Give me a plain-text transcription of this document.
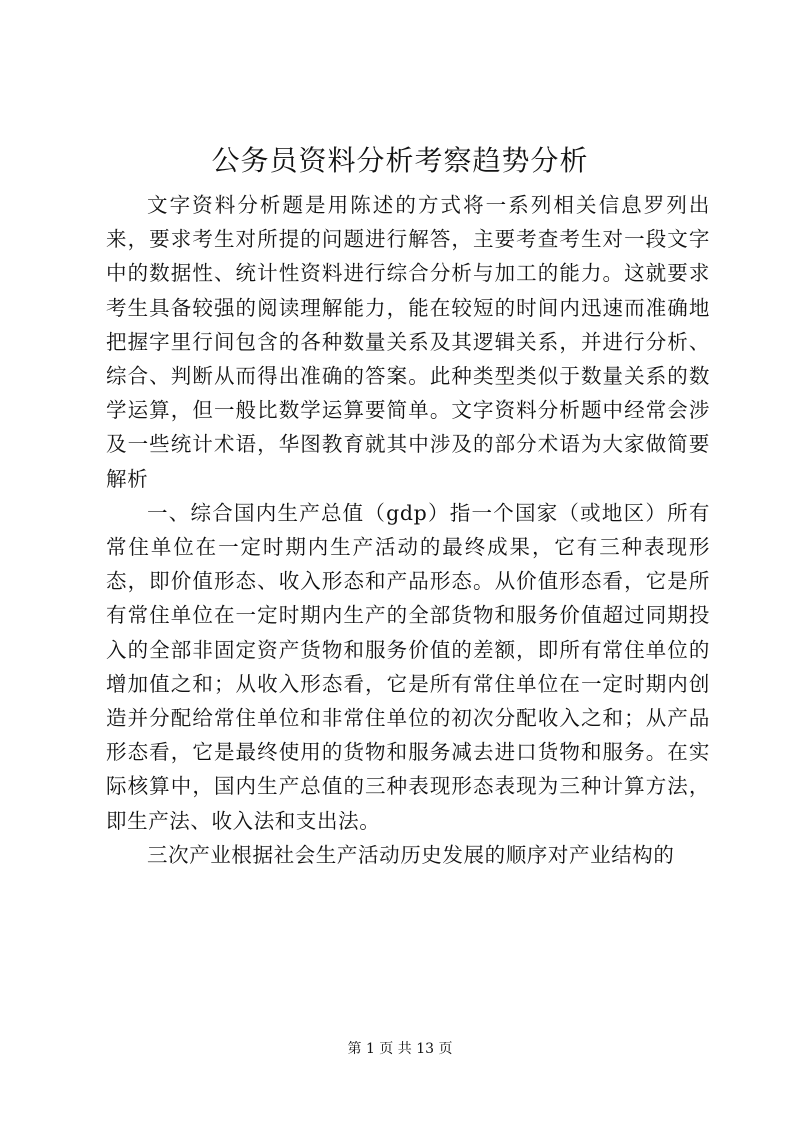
公务员资料分析考察趋势分析

文字资料分析题是用陈述的方式将一系列相关信息罗列出来，要求考生对所提的问题进行解答，主要考查考生对一段文字中的数据性、统计性资料进行综合分析与加工的能力。这就要求考生具备较强的阅读理解能力，能在较短的时间内迅速而准确地把握字里行间包含的各种数量关系及其逻辑关系，并进行分析、综合、判断从而得出准确的答案。此种类型类似于数量关系的数学运算，但一般比数学运算要简单。文字资料分析题中经常会涉及一些统计术语，华图教育就其中涉及的部分术语为大家做简要解析

一、综合国内生产总值（gdp）指一个国家（或地区）所有常住单位在一定时期内生产活动的最终成果，它有三种表现形态，即价值形态、收入形态和产品形态。从价值形态看，它是所有常住单位在一定时期内生产的全部货物和服务价值超过同期投入的全部非固定资产货物和服务价值的差额，即所有常住单位的增加值之和；从收入形态看，它是所有常住单位在一定时期内创造并分配给常住单位和非常住单位的初次分配收入之和；从产品形态看，它是最终使用的货物和服务减去进口货物和服务。在实际核算中，国内生产总值的三种表现形态表现为三种计算方法，即生产法、收入法和支出法。

三次产业根据社会生产活动历史发展的顺序对产业结构的

第 1 页 共 13 页
